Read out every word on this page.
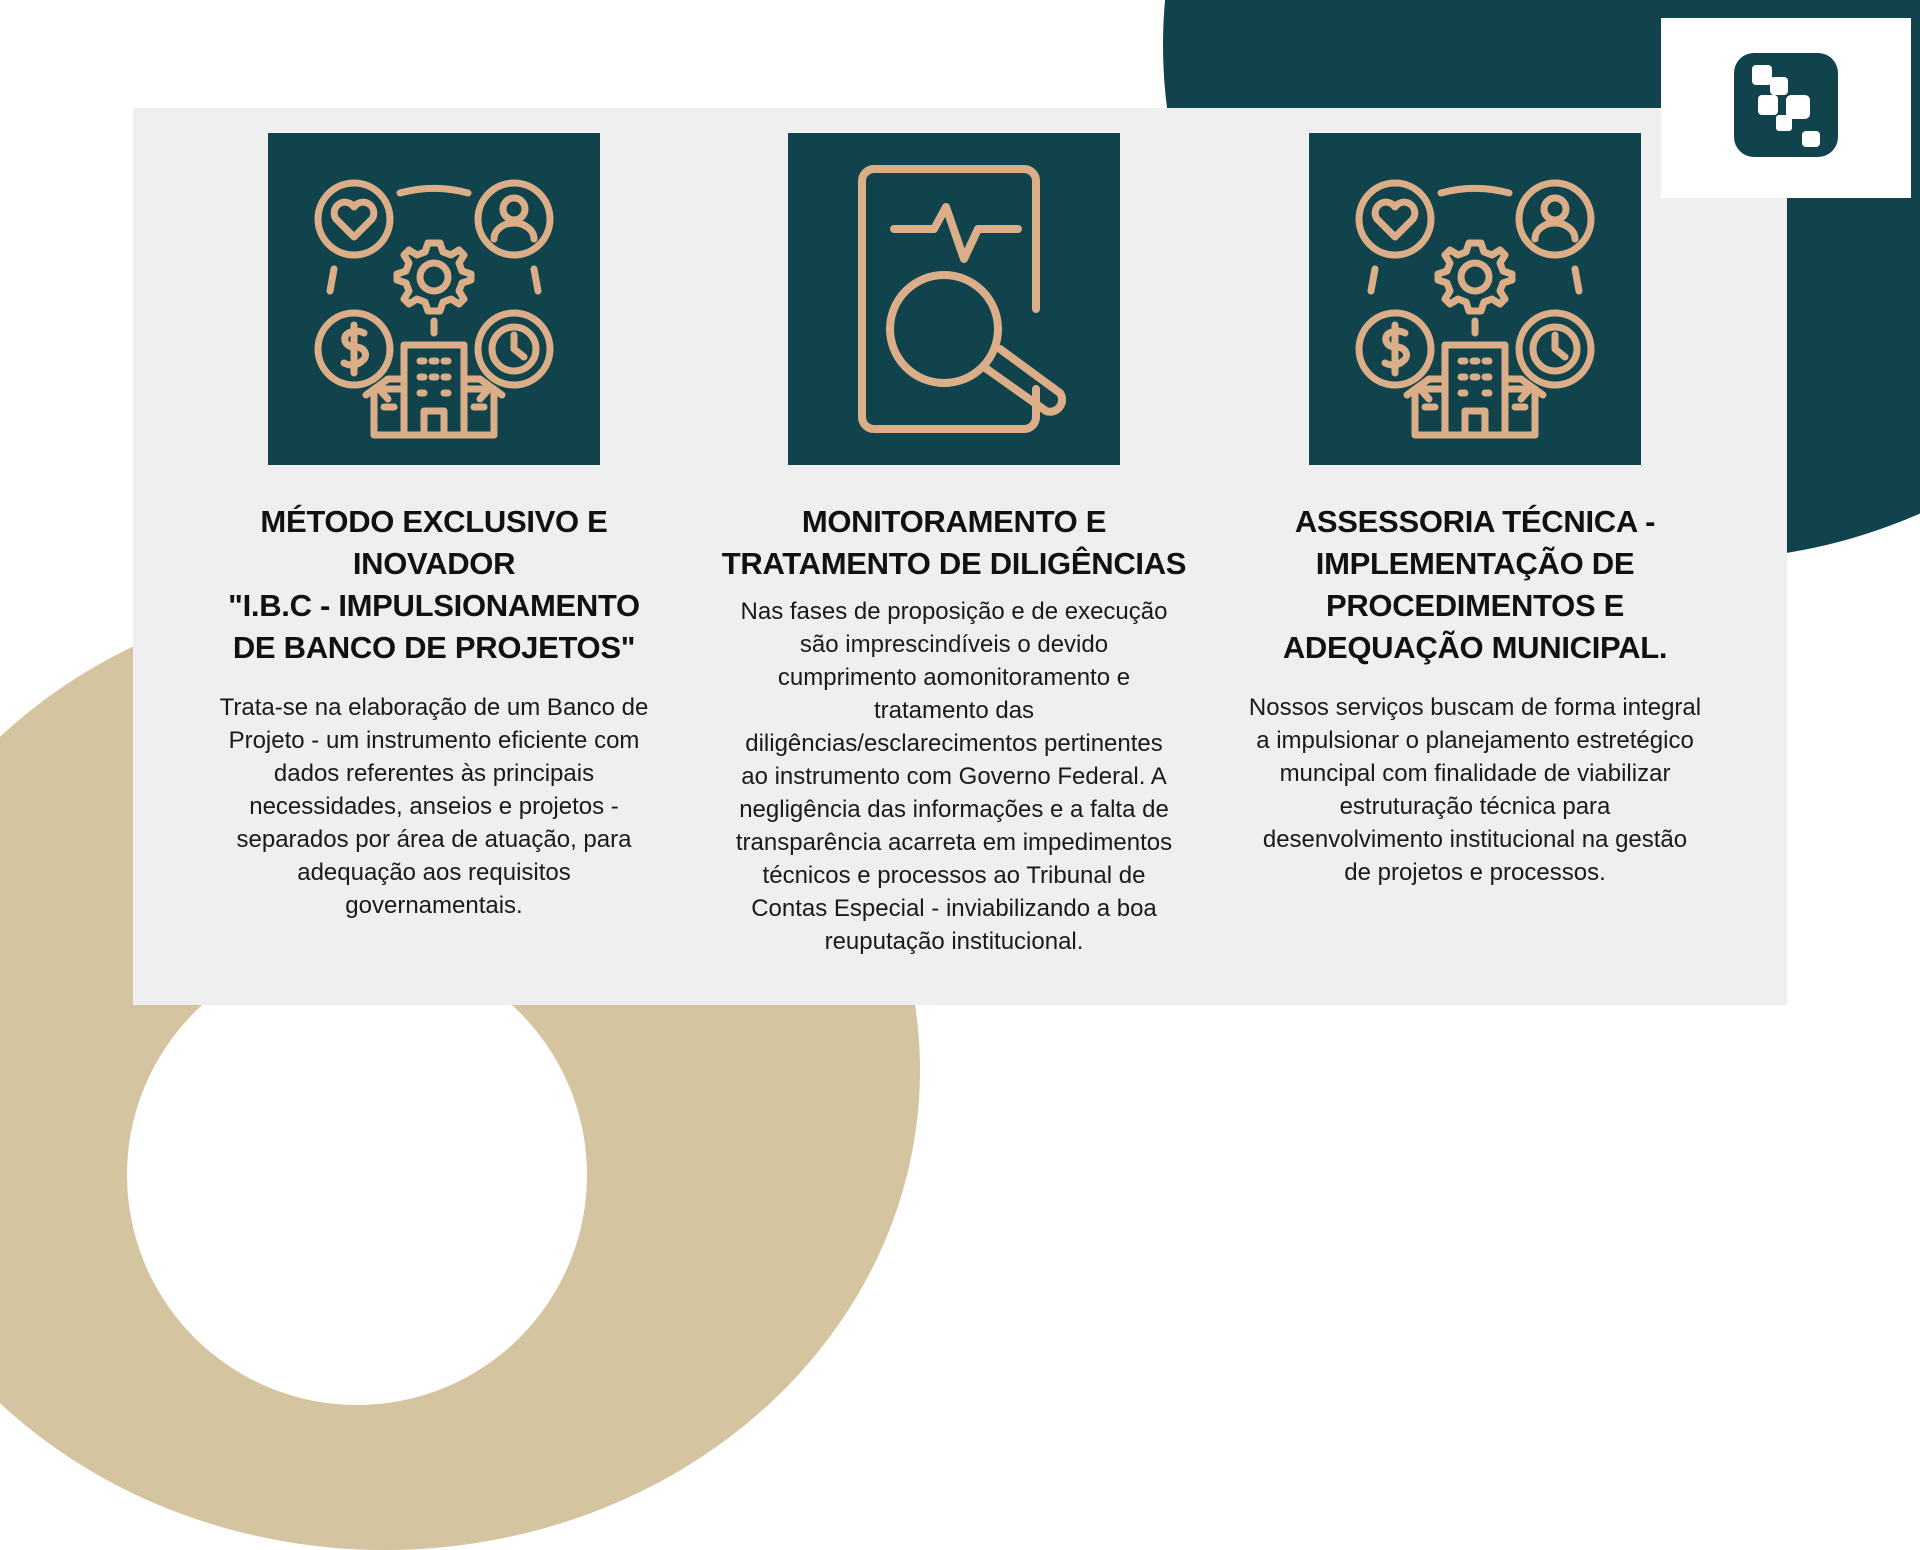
MÉTODO EXCLUSIVO E
INOVADOR
"I.B.C - IMPULSIONAMENTO
DE BANCO DE PROJETOS"
Trata-se na elaboração de um Banco de
Projeto - um instrumento eficiente com
dados referentes às principais
necessidades, anseios e projetos -
separados por área de atuação, para
adequação aos requisitos
governamentais.
MONITORAMENTO E
TRATAMENTO DE DILIGÊNCIAS
Nas fases de proposição e de execução
são imprescindíveis o devido
cumprimento aomonitoramento e
tratamento das
diligências/esclarecimentos pertinentes
ao instrumento com Governo Federal. A
negligência das informações e a falta de
transparência acarreta em impedimentos
técnicos e processos ao Tribunal de
Contas Especial - inviabilizando a boa
reuputação institucional.
ASSESSORIA TÉCNICA -
IMPLEMENTAÇÃO DE
PROCEDIMENTOS E
ADEQUAÇÃO MUNICIPAL.
Nossos serviços buscam de forma integral
a impulsionar o planejamento estretégico
muncipal com finalidade de viabilizar
estruturação técnica para
desenvolvimento institucional na gestão
de projetos e processos.
